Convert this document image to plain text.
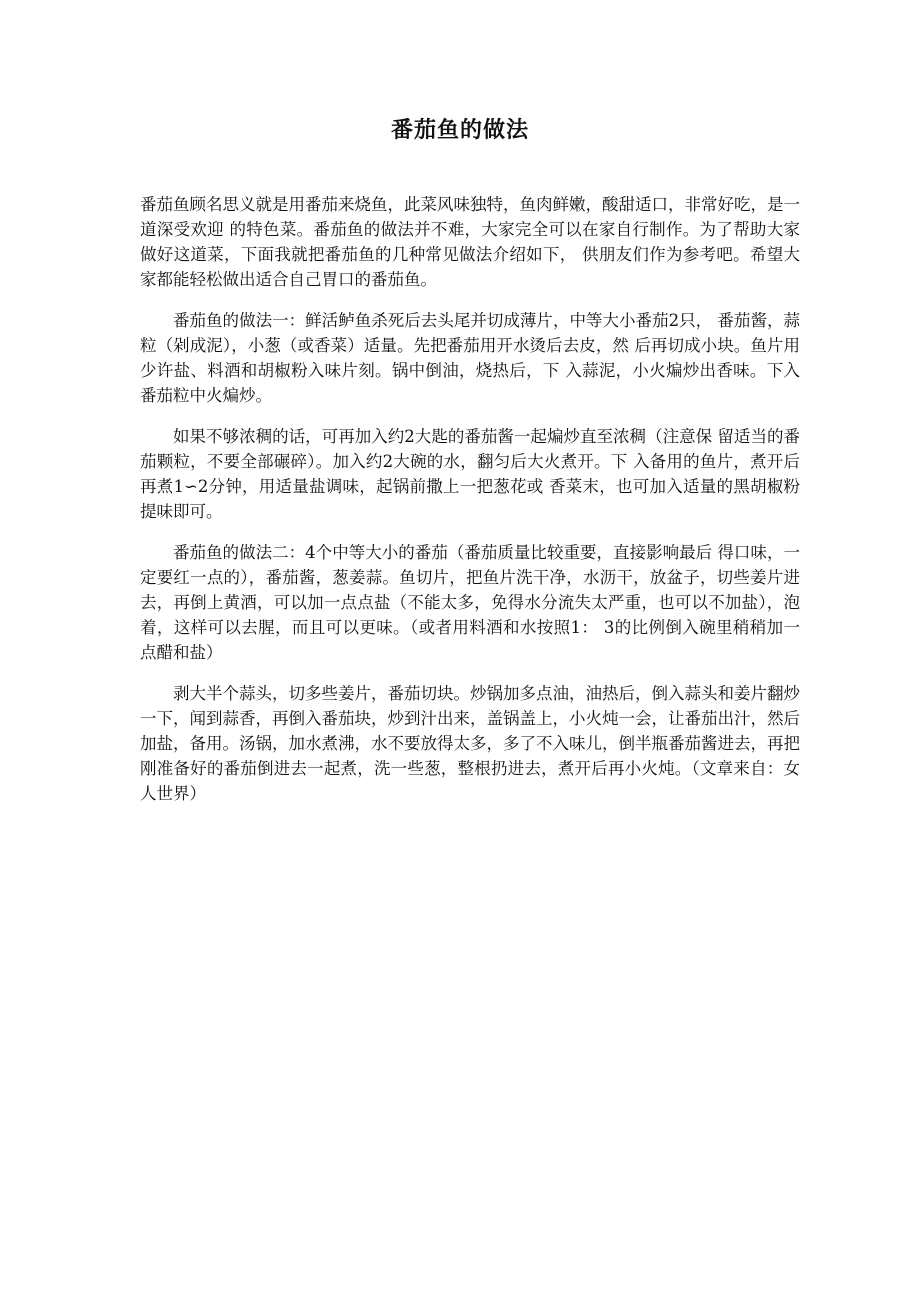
番茄鱼的做法

番茄鱼顾名思义就是用番茄来烧鱼，此菜风味独特，鱼肉鲜嫩，酸甜适口，非常好吃，是一道深受欢迎 的特色菜。番茄鱼的做法并不难，大家完全可以在家自行制作。为了帮助大家做好这道菜，下面我就把番茄鱼的几种常见做法介绍如下， 供朋友们作为参考吧。希望大家都能轻松做出适合自己胃口的番茄鱼。

番茄鱼的做法一：鲜活鲈鱼杀死后去头尾并切成薄片，中等大小番茄2只， 番茄酱，蒜粒（剁成泥），小葱（或香菜）适量。先把番茄用开水烫后去皮，然 后再切成小块。鱼片用少许盐、料酒和胡椒粉入味片刻。锅中倒油，烧热后，下 入蒜泥，小火煸炒出香味。下入番茄粒中火煸炒。

如果不够浓稠的话，可再加入约2大匙的番茄酱一起煸炒直至浓稠（注意保 留适当的番茄颗粒，不要全部碾碎）。加入约2大碗的水，翻匀后大火煮开。下 入备用的鱼片，煮开后再煮1∽2分钟，用适量盐调味，起锅前撒上一把葱花或 香菜末，也可加入适量的黑胡椒粉提味即可。

番茄鱼的做法二：4个中等大小的番茄（番茄质量比较重要，直接影响最后 得口味，一定要红一点的），番茄酱，葱姜蒜。鱼切片，把鱼片洗干净，水沥干，放盆子，切些姜片进去，再倒上黄酒，可以加一点点盐（不能太多，免得水分流失太严重，也可以不加盐），泡着，这样可以去腥，而且可以更味。（或者用料酒和水按照1： 3的比例倒入碗里稍稍加一点醋和盐）

剥大半个蒜头，切多些姜片，番茄切块。炒锅加多点油，油热后，倒入蒜头和姜片翻炒一下，闻到蒜香，再倒入番茄块，炒到汁出来，盖锅盖上，小火炖一会，让番茄出汁，然后加盐，备用。汤锅，加水煮沸，水不要放得太多，多了不入味儿，倒半瓶番茄酱进去，再把刚准备好的番茄倒进去一起煮，洗一些葱，整根扔进去，煮开后再小火炖。（文章来自：女人世界）
